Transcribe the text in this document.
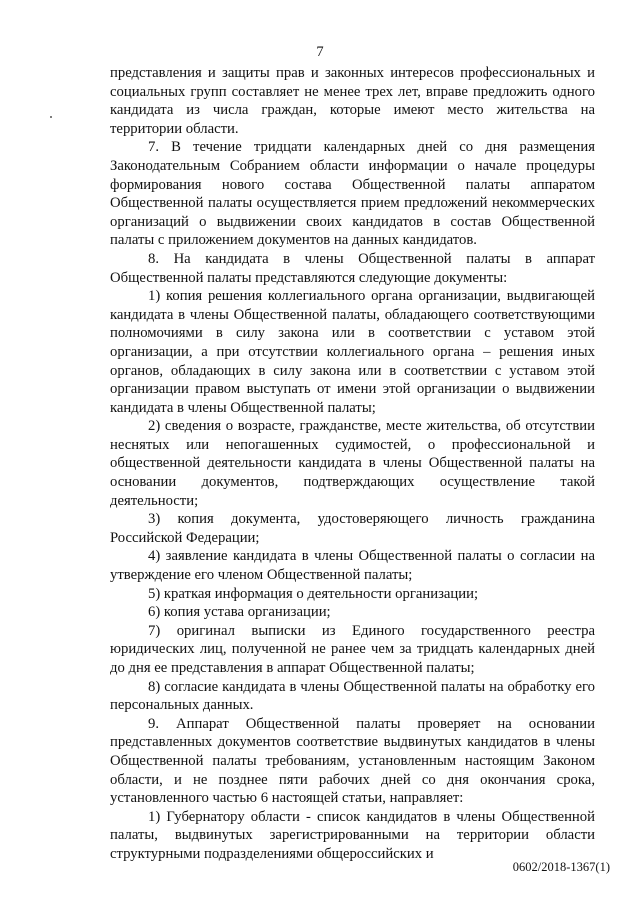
7

представления и защиты прав и законных интересов профессиональных и социальных групп составляет не менее трех лет, вправе предложить одного кандидата из числа граждан, которые имеют место жительства на территории области.

7. В течение тридцати календарных дней со дня размещения Законодательным Собранием области информации о начале процедуры формирования нового состава Общественной палаты аппаратом Общественной палаты осуществляется прием предложений некоммерческих организаций о выдвижении своих кандидатов в состав Общественной палаты с приложением документов на данных кандидатов.

8. На кандидата в члены Общественной палаты в аппарат Общественной палаты представляются следующие документы:

1) копия решения коллегиального органа организации, выдвигающей кандидата в члены Общественной палаты, обладающего соответствующими полномочиями в силу закона или в соответствии с уставом этой организации, а при отсутствии коллегиального органа – решения иных органов, обладающих в силу закона или в соответствии с уставом этой организации правом выступать от имени этой организации о выдвижении кандидата в члены Общественной палаты;

2) сведения о возрасте, гражданстве, месте жительства, об отсутствии неснятых или непогашенных судимостей, о профессиональной и общественной деятельности кандидата в члены Общественной палаты на основании документов, подтверждающих осуществление такой деятельности;

3) копия документа, удостоверяющего личность гражданина Российской Федерации;

4) заявление кандидата в члены Общественной палаты о согласии на утверждение его членом Общественной палаты;

5) краткая информация о деятельности организации;

6) копия устава организации;

7) оригинал выписки из Единого государственного реестра юридических лиц, полученной не ранее чем за тридцать календарных дней до дня ее представления в аппарат Общественной палаты;

8) согласие кандидата в члены Общественной палаты на обработку его персональных данных.

9. Аппарат Общественной палаты проверяет на основании представленных документов соответствие выдвинутых кандидатов в члены Общественной палаты требованиям, установленным настоящим Законом области, и не позднее пяти рабочих дней со дня окончания срока, установленного частью 6 настоящей статьи, направляет:

1) Губернатору области - список кандидатов в члены Общественной палаты, выдвинутых зарегистрированными на территории области структурными подразделениями общероссийских и

0602/2018-1367(1)
